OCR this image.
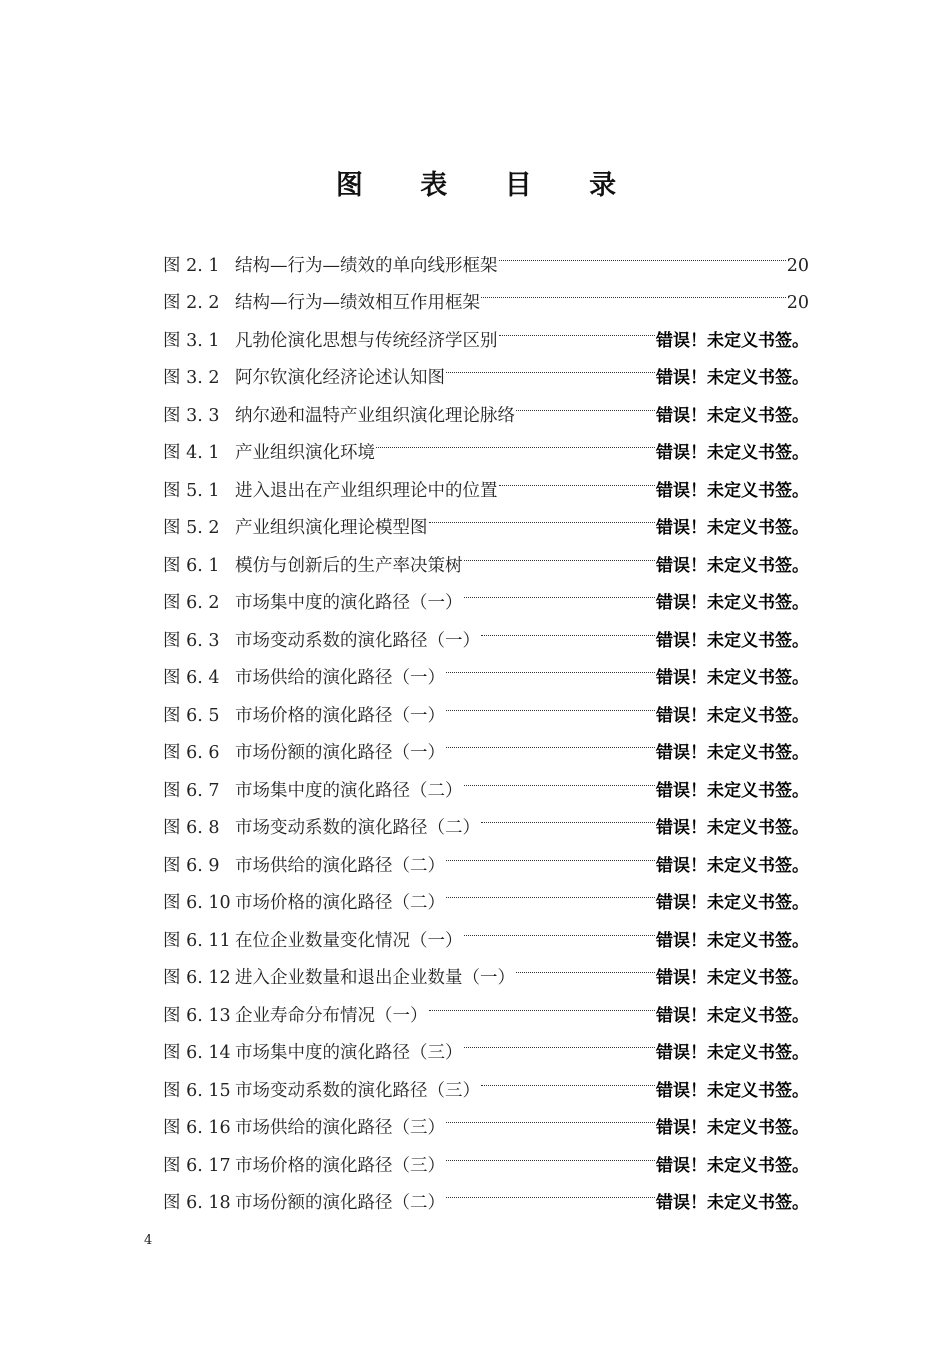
图 表 目 录
图 2. 1 结构—行为—绩效的单向线形框架	20
图 2. 2 结构—行为—绩效相互作用框架	20
图 3. 1 凡勃伦演化思想与传统经济学区别	错误！未定义书签。
图 3. 2 阿尔钦演化经济论述认知图	错误！未定义书签。
图 3. 3 纳尔逊和温特产业组织演化理论脉络	错误！未定义书签。
图 4. 1 产业组织演化环境	错误！未定义书签。
图 5. 1 进入退出在产业组织理论中的位置	错误！未定义书签。
图 5. 2 产业组织演化理论模型图	错误！未定义书签。
图 6. 1 模仿与创新后的生产率决策树	错误！未定义书签。
图 6. 2 市场集中度的演化路径（一）	错误！未定义书签。
图 6. 3 市场变动系数的演化路径（一）	错误！未定义书签。
图 6. 4 市场供给的演化路径（一）	错误！未定义书签。
图 6. 5 市场价格的演化路径（一）	错误！未定义书签。
图 6. 6 市场份额的演化路径（一）	错误！未定义书签。
图 6. 7 市场集中度的演化路径（二）	错误！未定义书签。
图 6. 8 市场变动系数的演化路径（二）	错误！未定义书签。
图 6. 9 市场供给的演化路径（二）	错误！未定义书签。
图 6. 10 市场价格的演化路径（二）	错误！未定义书签。
图 6. 11 在位企业数量变化情况（一）	错误！未定义书签。
图 6. 12 进入企业数量和退出企业数量（一）	错误！未定义书签。
图 6. 13 企业寿命分布情况（一）	错误！未定义书签。
图 6. 14 市场集中度的演化路径（三）	错误！未定义书签。
图 6. 15 市场变动系数的演化路径（三）	错误！未定义书签。
图 6. 16 市场供给的演化路径（三）	错误！未定义书签。
图 6. 17 市场价格的演化路径（三）	错误！未定义书签。
图 6. 18 市场份额的演化路径（二）	错误！未定义书签。
4
